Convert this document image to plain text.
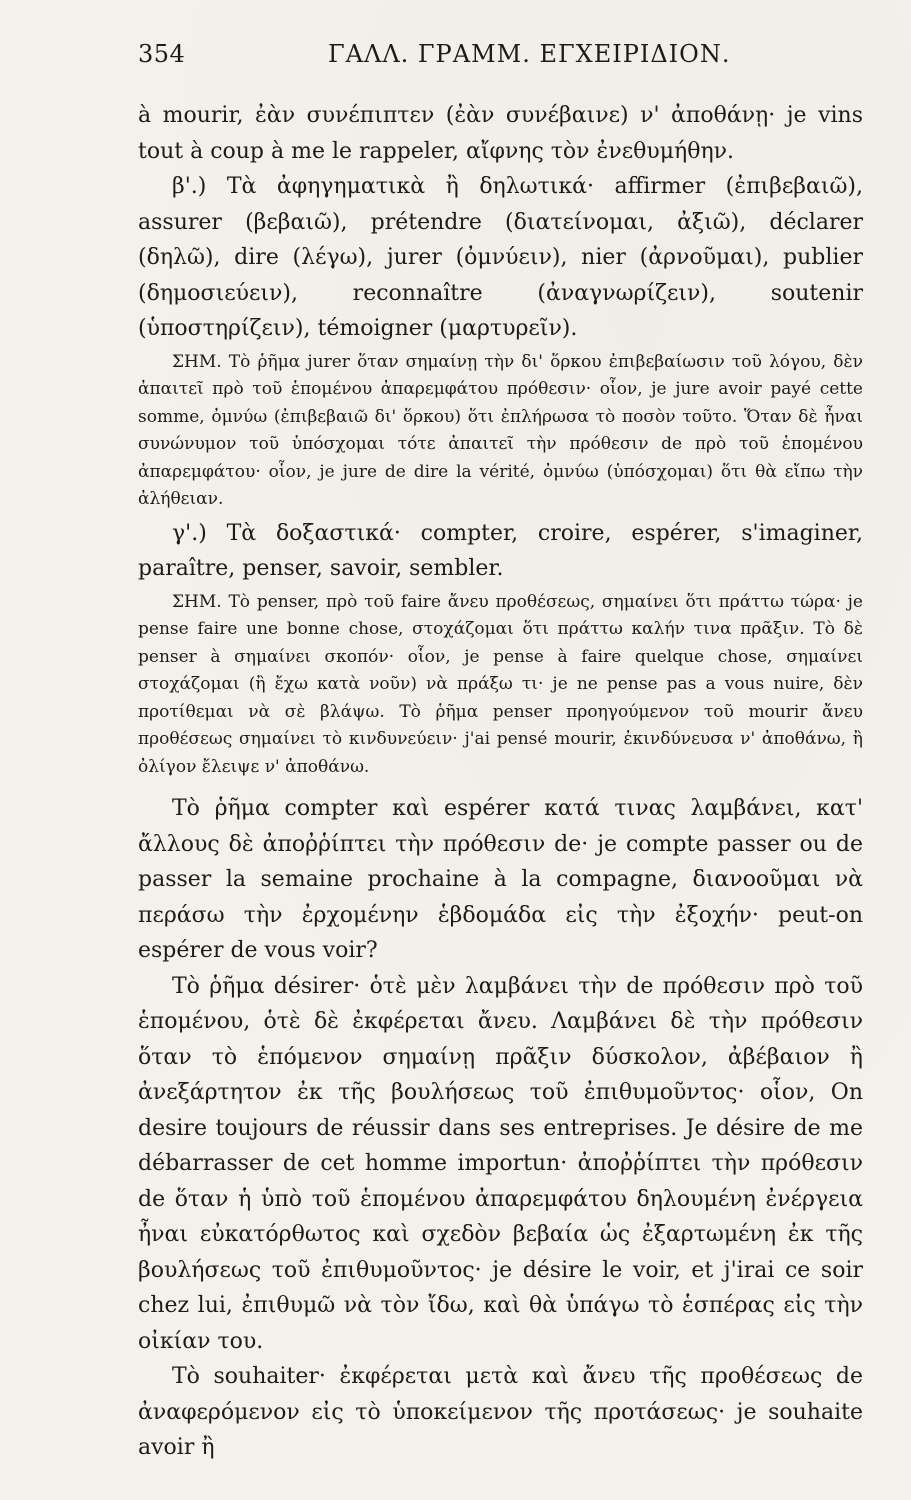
354	ΓΑΛΛ. ΓΡΑΜΜ. ΕΓΧΕΙΡΙΔΙΟΝ.

à mourir, ἐὰν συνέπιπτεν (ἐὰν συνέβαινε) ν' ἀποθάνῃ· je vins tout à coup à me le rappeler, αἴφνης τὸν ἐνεθυμήθην.

β'.) Τὰ ἀφηγηματικὰ ἢ δηλωτικά· affirmer (ἐπιβεβαιῶ), assurer (βεβαιῶ), prétendre (διατείνομαι, ἀξιῶ), déclarer (δηλῶ), dire (λέγω), jurer (ὀμνύειν), nier (ἀρνοῦμαι), publier (δημοσιεύειν), reconnaître (ἀναγνωρίζειν), soutenir (ὑποστηρίζειν), témoigner (μαρτυρεῖν).

ΣΗΜ. Τὸ ῥῆμα jurer ὅταν σημαίνῃ τὴν δι' ὅρκου ἐπιβεβαίωσιν τοῦ λόγου, δὲν ἀπαιτεῖ πρὸ τοῦ ἑπομένου ἀπαρεμφάτου πρόθεσιν· οἷον, je jure avoir payé cette somme, ὀμνύω (ἐπιβεβαιῶ δι' ὅρκου) ὅτι ἐπλήρωσα τὸ ποσὸν τοῦτο. Ὅταν δὲ ἦναι συνώνυμον τοῦ ὑπόσχομαι τότε ἀπαιτεῖ τὴν πρόθεσιν de πρὸ τοῦ ἑπομένου ἀπαρεμφάτου· οἷον, je jure de dire la vérité, ὀμνύω (ὑπόσχομαι) ὅτι θὰ εἴπω τὴν ἀλήθειαν.

γ'.) Τὰ δοξαστικά· compter, croire, espérer, s'imaginer, paraître, penser, savoir, sembler.

ΣΗΜ. Τὸ penser, πρὸ τοῦ faire ἄνευ προθέσεως, σημαίνει ὅτι πράττω τώρα· je pense faire une bonne chose, στοχάζομαι ὅτι πράττω καλήν τινα πρᾶξιν. Τὸ δὲ penser à σημαίνει σκοπόν· οἷον, je pense à faire quelque chose, σημαίνει στοχάζομαι (ἢ ἔχω κατὰ νοῦν) νὰ πράξω τι· je ne pense pas a vous nuire, δὲν προτίθεμαι νὰ σὲ βλάψω. Τὸ ῥῆμα penser προηγούμενον τοῦ mourir ἄνευ προθέσεως σημαίνει τὸ κινδυνεύειν· j'ai pensé mourir, ἐκινδύνευσα ν' ἀποθάνω, ἢ ὀλίγον ἔλειψε ν' ἀποθάνω.

Τὸ ῥῆμα compter καὶ espérer κατά τινας λαμβάνει, κατ' ἄλλους δὲ ἀποῤῥίπτει τὴν πρόθεσιν de· je compte passer ou de passer la semaine prochaine à la compagne, διανοοῦμαι νὰ περάσω τὴν ἐρχομένην ἑβδομάδα εἰς τὴν ἐξοχήν· peut-on espérer de vous voir?

Τὸ ῥῆμα désirer· ὁτὲ μὲν λαμβάνει τὴν de πρόθεσιν πρὸ τοῦ ἑπομένου, ὁτὲ δὲ ἐκφέρεται ἄνευ. Λαμβάνει δὲ τὴν πρόθεσιν ὅταν τὸ ἑπόμενον σημαίνῃ πρᾶξιν δύσκολον, ἀβέβαιον ἢ ἀνεξάρτητον ἐκ τῆς βουλήσεως τοῦ ἐπιθυμοῦντος· οἷον, On desire toujours de réussir dans ses entreprises. Je désire de me débarrasser de cet homme importun· ἀποῤῥίπτει τὴν πρόθεσιν de ὅταν ἡ ὑπὸ τοῦ ἑπομένου ἀπαρεμφάτου δηλουμένη ἐνέργεια ἦναι εὐκατόρθωτος καὶ σχεδὸν βεβαία ὡς ἐξαρτωμένη ἐκ τῆς βουλήσεως τοῦ ἐπιθυμοῦντος· je désire le voir, et j'irai ce soir chez lui, ἐπιθυμῶ νὰ τὸν ἴδω, καὶ θὰ ὑπάγω τὸ ἑσπέρας εἰς τὴν οἰκίαν του.

Τὸ souhaiter· ἐκφέρεται μετὰ καὶ ἄνευ τῆς προθέσεως de ἀναφερόμενον εἰς τὸ ὑποκείμενον τῆς προτάσεως· je souhaite avoir ἢ
